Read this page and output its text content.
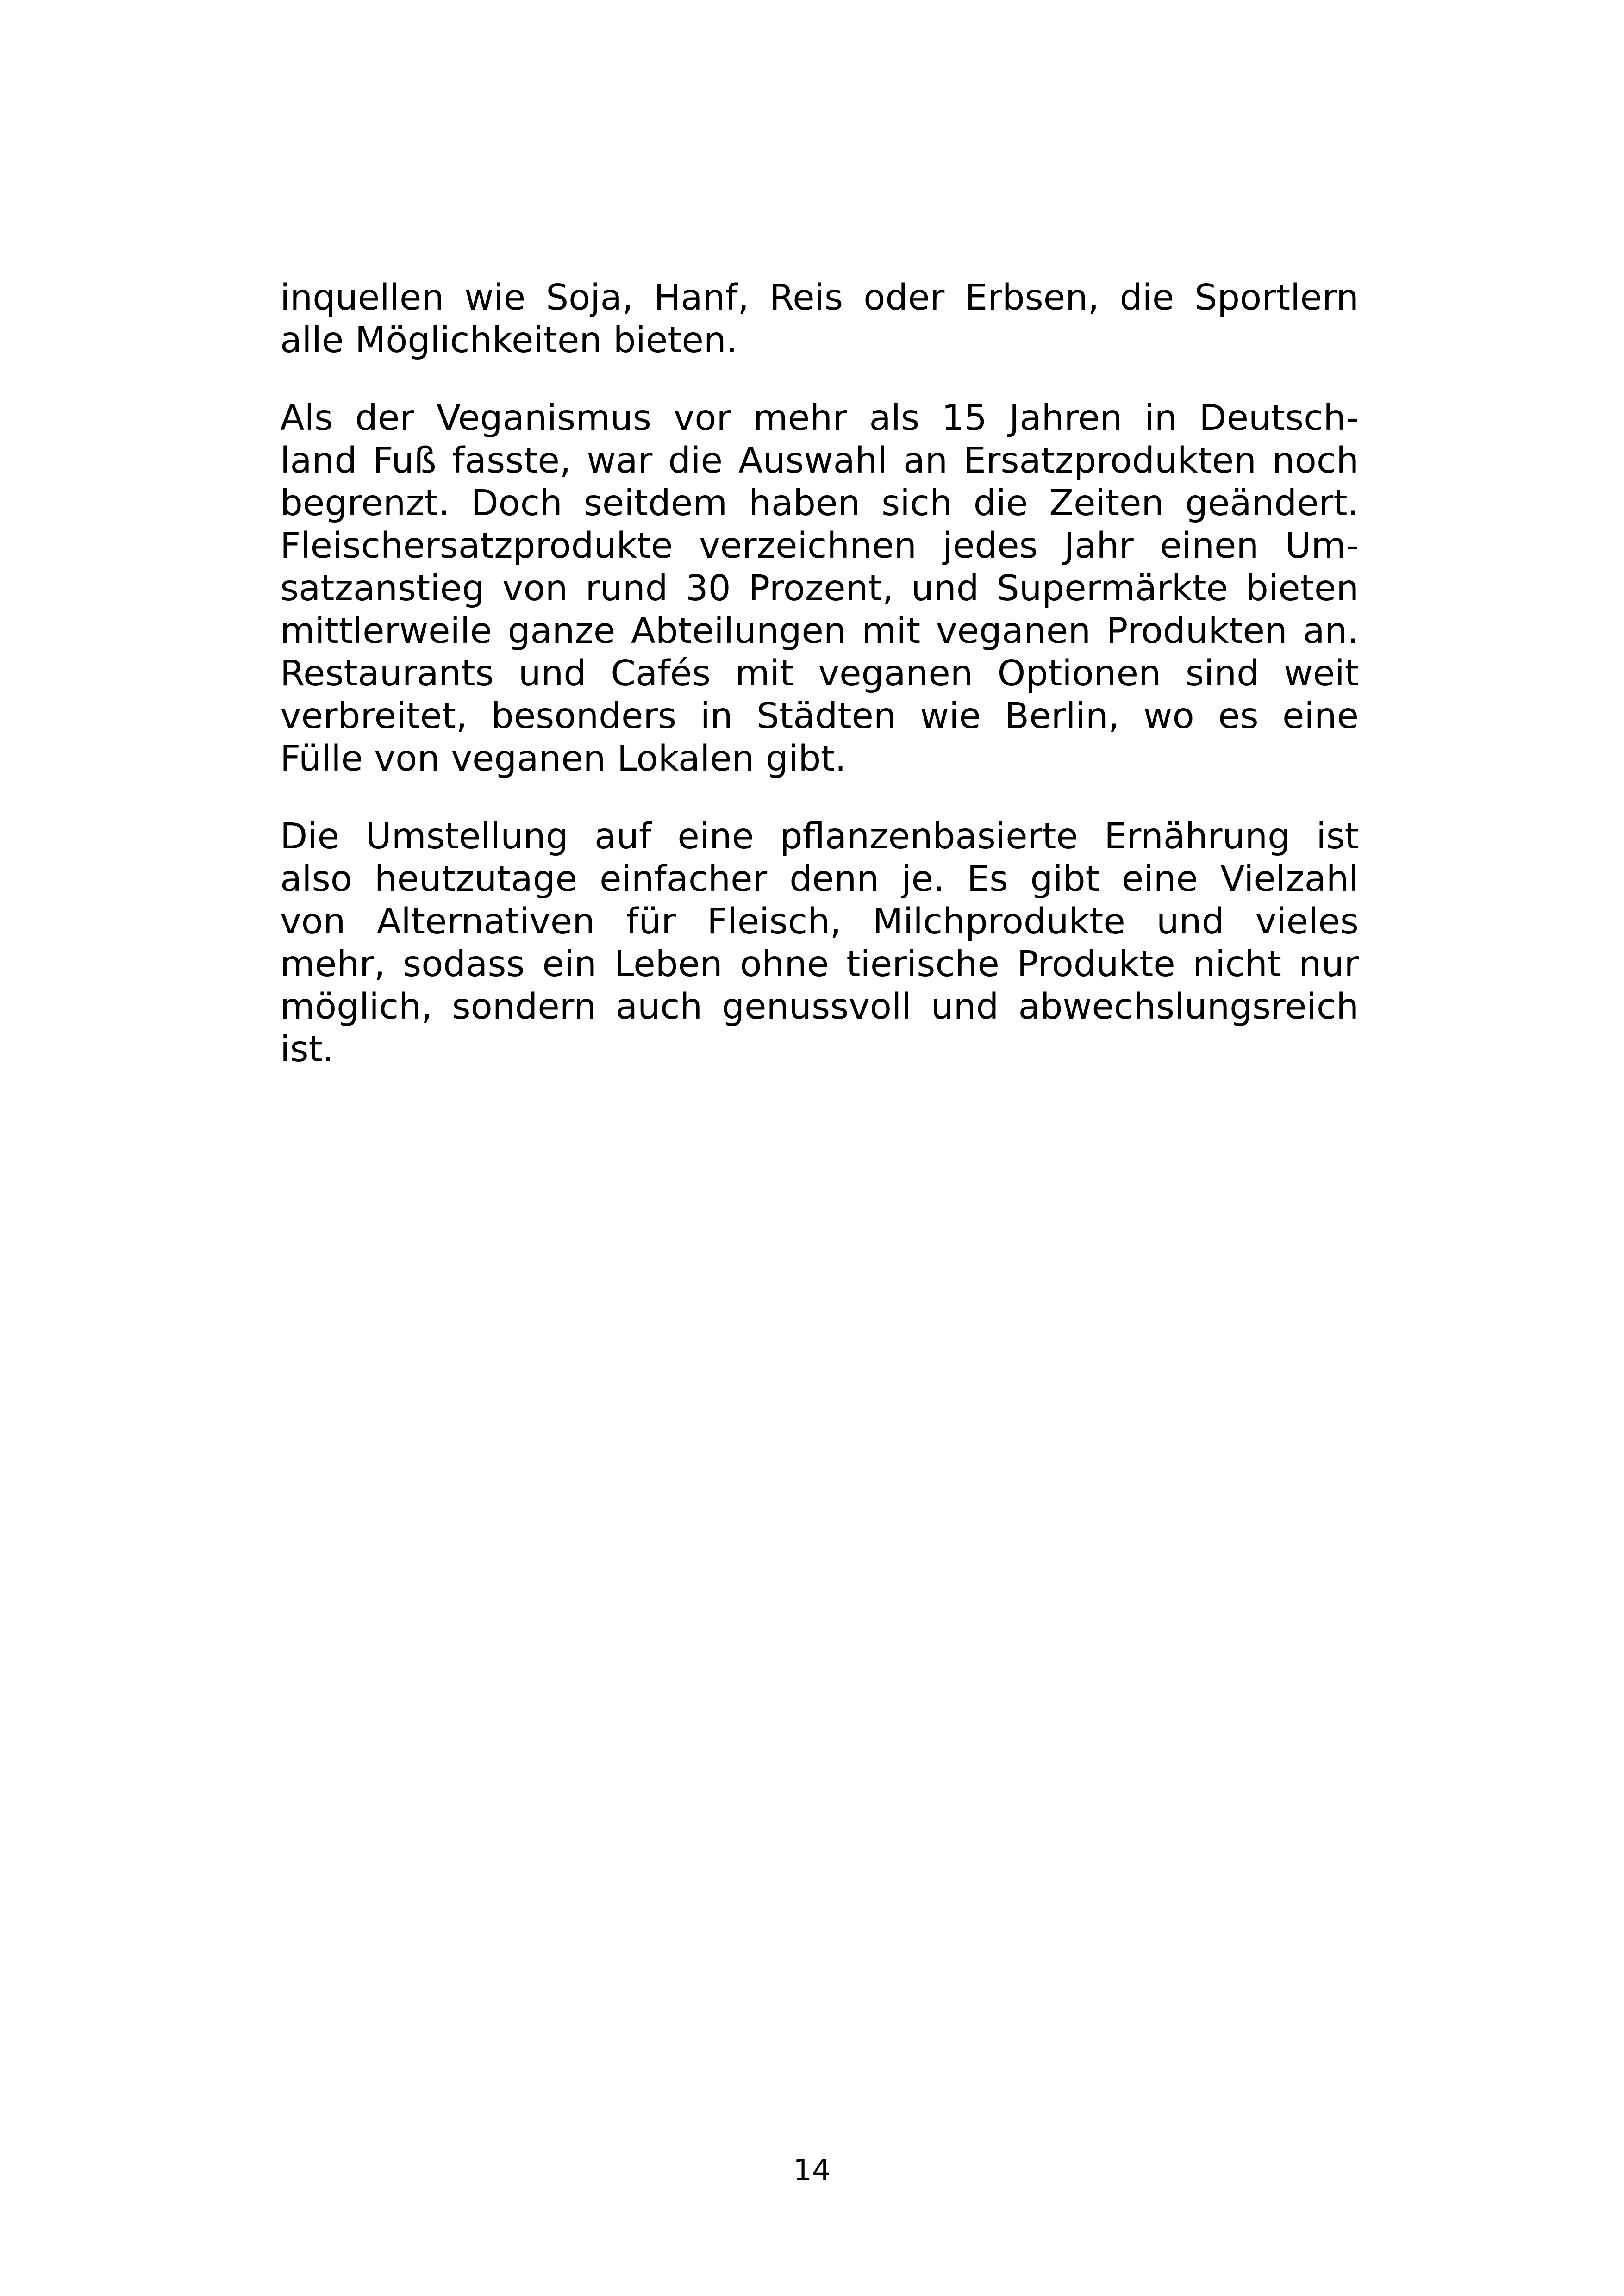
inquellen wie Soja, Hanf, Reis oder Erbsen, die Sportlern
alle Möglichkeiten bieten.

Als der Veganismus vor mehr als 15 Jahren in Deutsch-
land Fuß fasste, war die Auswahl an Ersatzprodukten noch
begrenzt. Doch seitdem haben sich die Zeiten geändert.
Fleischersatzprodukte verzeichnen jedes Jahr einen Um-
satzanstieg von rund 30 Prozent, und Supermärkte bieten
mittlerweile ganze Abteilungen mit veganen Produkten an.
Restaurants und Cafés mit veganen Optionen sind weit
verbreitet, besonders in Städten wie Berlin, wo es eine
Fülle von veganen Lokalen gibt.

Die Umstellung auf eine pflanzenbasierte Ernährung ist
also heutzutage einfacher denn je. Es gibt eine Vielzahl
von Alternativen für Fleisch, Milchprodukte und vieles
mehr, sodass ein Leben ohne tierische Produkte nicht nur
möglich, sondern auch genussvoll und abwechslungsreich
ist.

14
